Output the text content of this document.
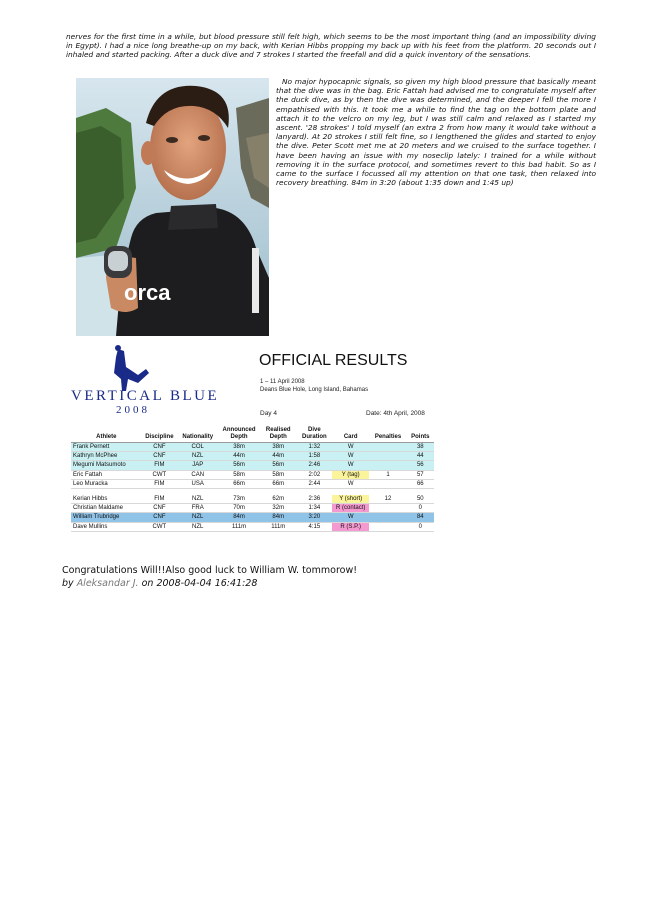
nerves for the first time in a while, but blood pressure still felt high, which seems to be the most important thing (and an impossibility diving in Egypt). I had a nice long breathe-up on my back, with Kerian Hibbs propping my back up with his feet from the platform. 20 seconds out I inhaled and started packing. After a duck dive and 7 strokes I started the freefall and did a quick inventory of the sensations.

orca

No major hypocapnic signals, so given my high blood pressure that basically meant that the dive was in the bag. Eric Fattah had advised me to congratulate myself after the duck dive, as by then the dive was determined, and the deeper I fell the more I empathised with this. It took me a while to find the tag on the bottom plate and attach it to the velcro on my leg, but I was still calm and relaxed as I started my ascent. '28 strokes' I told myself (an extra 2 from how many it would take without a lanyard). At 20 strokes I still felt fine, so I lengthened the glides and started to enjoy the dive. Peter Scott met me at 20 meters and we cruised to the surface together. I have been having an issue with my noseclip lately: I trained for a while without removing it in the surface protocol, and sometimes revert to this bad habit. So as I came to the surface I focussed all my attention on that one task, then relaxed into recovery breathing. 84m in 3:20 (about 1:35 down and 1:45 up)

VERTICAL BLUE
2008
OFFICIAL RESULTS
1 – 11 April 2008
Deans Blue Hole, Long Island, Bahamas
Day 4	Date: 4th April, 2008
Athlete	Discipline	Nationality	Announced Depth	Realised Depth	Dive Duration	Card	Penalties	Points
Frank Pernett	CNF	COL	38m	38m	1:32	W		38
Kathryn McPhee	CNF	NZL	44m	44m	1:58	W		44
Megumi Matsumoto	FIM	JAP	56m	56m	2:46	W		56
Eric Fattah	CWT	CAN	58m	58m	2:02	Y (tag)	1	57
Leo Muracka	FIM	USA	66m	66m	2:44	W		66

Kerian Hibbs	FIM	NZL	73m	62m	2:36	Y (short)	12	50
Christian Maldame	CNF	FRA	70m	32m	1:34	R (contact)		0
William Trubridge	CNF	NZL	84m	84m	3:20	W		84
Dave Mullins	CWT	NZL	111m	111m	4:15	R (S.P.)		0
Congratulations Will!!Also good luck to William W. tommorow!
by Aleksandar J. on 2008-04-04 16:41:28
